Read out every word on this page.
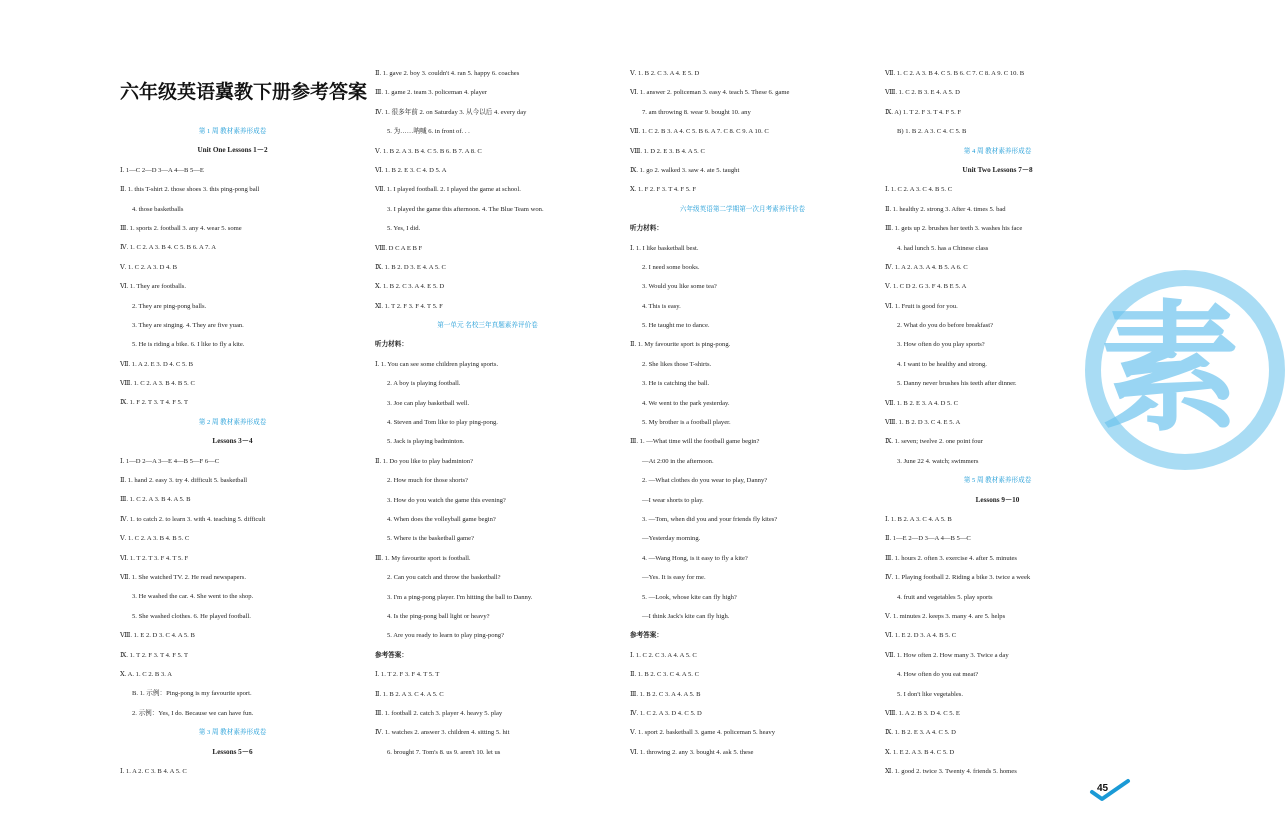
素
六年级英语冀教下册参考答案
第 1 周 教材素养形成卷
Unit One Lessons 1－2
Ⅰ. 1—C 2—D 3—A 4—B 5—E
Ⅱ. 1. this T-shirt 2. those shoes 3. this ping-pong ball
4. those basketballs
Ⅲ. 1. sports 2. football 3. any 4. wear 5. some
Ⅳ. 1. C 2. A 3. B 4. C 5. B 6. A 7. A
Ⅴ. 1. C 2. A 3. D 4. B
Ⅵ. 1. They are footballs.
2. They are ping-pong balls.
3. They are singing. 4. They are five yuan.
5. He is riding a bike. 6. I like to fly a kite.
Ⅶ. 1. A 2. E 3. D 4. C 5. B
Ⅷ. 1. C 2. A 3. B 4. B 5. C
Ⅸ. 1. F 2. T 3. T 4. F 5. T
第 2 周 教材素养形成卷
Lessons 3－4
Ⅰ. 1—D 2—A 3—E 4—B 5—F 6—C
Ⅱ. 1. hand 2. easy 3. try 4. difficult 5. basketball
Ⅲ. 1. C 2. A 3. B 4. A 5. B
Ⅳ. 1. to catch 2. to learn 3. with 4. teaching 5. difficult
Ⅴ. 1. C 2. A 3. B 4. B 5. C
Ⅵ. 1. T 2. T 3. F 4. T 5. F
Ⅶ. 1. She watched TV. 2. He read newspapers.
3. He washed the car. 4. She went to the shop.
5. She washed clothes. 6. He played football.
Ⅷ. 1. E 2. D 3. C 4. A 5. B
Ⅸ. 1. T 2. F 3. T 4. F 5. T
Ⅹ. A. 1. C 2. B 3. A
B. 1. 示例：Ping-pong is my favourite sport.
2. 示例：Yes, I do. Because we can have fun.
第 3 周 教材素养形成卷
Lessons 5－6
Ⅰ. 1. A 2. C 3. B 4. A 5. C
Ⅱ. 1. gave 2. boy 3. couldn't 4. ran 5. happy 6. coaches
Ⅲ. 1. game 2. team 3. policeman 4. player
Ⅳ. 1. 很多年前 2. on Saturday 3. 从今以后 4. every day
5. 为……呐喊 6. in front of. . .
Ⅴ. 1. B 2. A 3. B 4. C 5. B 6. B 7. A 8. C
Ⅵ. 1. B 2. E 3. C 4. D 5. A
Ⅶ. 1. I played football. 2. I played the game at school.
3. I played the game this afternoon. 4. The Blue Team won.
5. Yes, I did.
Ⅷ. D C A E B F
Ⅸ. 1. B 2. D 3. E 4. A 5. C
Ⅹ. 1. B 2. C 3. A 4. E 5. D
Ⅺ. 1. T 2. F 3. F 4. T 5. F
第一单元 名校三年真题素养评价卷
听力材料：
Ⅰ. 1. You can see some children playing sports.
2. A boy is playing football.
3. Joe can play basketball well.
4. Steven and Tom like to play ping-pong.
5. Jack is playing badminton.
Ⅱ. 1. Do you like to play badminton?
2. How much for those shorts?
3. How do you watch the game this evening?
4. When does the volleyball game begin?
5. Where is the basketball game?
Ⅲ. 1. My favourite sport is football.
2. Can you catch and throw the basketball?
3. I'm a ping-pong player. I'm hitting the ball to Danny.
4. Is the ping-pong ball light or heavy?
5. Are you ready to learn to play ping-pong?
参考答案：
Ⅰ. 1. T 2. F 3. F 4. T 5. T
Ⅱ. 1. B 2. A 3. C 4. A 5. C
Ⅲ. 1. football 2. catch 3. player 4. heavy 5. play
Ⅳ. 1. watches 2. answer 3. children 4. sitting 5. hit
6. brought 7. Tom's 8. us 9. aren't 10. let us
Ⅴ. 1. B 2. C 3. A 4. E 5. D
Ⅵ. 1. answer 2. policeman 3. easy 4. teach 5. These 6. game
7. am throwing 8. wear 9. bought 10. any
Ⅶ. 1. C 2. B 3. A 4. C 5. B 6. A 7. C 8. C 9. A 10. C
Ⅷ. 1. D 2. E 3. B 4. A 5. C
Ⅸ. 1. go 2. walked 3. saw 4. ate 5. taught
Ⅹ. 1. F 2. F 3. T 4. F 5. F
六年级英语第二学期第一次月考素养评价卷
听力材料：
Ⅰ. 1. I like basketball best.
2. I need some books.
3. Would you like some tea?
4. This is easy.
5. He taught me to dance.
Ⅱ. 1. My favourite sport is ping-pong.
2. She likes those T-shirts.
3. He is catching the ball.
4. We went to the park yesterday.
5. My brother is a football player.
Ⅲ. 1. —What time will the football game begin?
—At 2:00 in the afternoon.
2. —What clothes do you wear to play, Danny?
—I wear shorts to play.
3. —Tom, when did you and your friends fly kites?
—Yesterday morning.
4. —Wang Hong, is it easy to fly a kite?
—Yes. It is easy for me.
5. —Look, whose kite can fly high?
—I think Jack's kite can fly high.
参考答案：
Ⅰ. 1. C 2. C 3. A 4. A 5. C
Ⅱ. 1. B 2. C 3. C 4. A 5. C
Ⅲ. 1. B 2. C 3. A 4. A 5. B
Ⅳ. 1. C 2. A 3. D 4. C 5. D
Ⅴ. 1. sport 2. basketball 3. game 4. policeman 5. heavy
Ⅵ. 1. throwing 2. any 3. bought 4. ask 5. these
Ⅶ. 1. C 2. A 3. B 4. C 5. B 6. C 7. C 8. A 9. C 10. B
Ⅷ. 1. C 2. B 3. E 4. A 5. D
Ⅸ. A) 1. T 2. F 3. T 4. F 5. F
B) 1. B 2. A 3. C 4. C 5. B
第 4 周 教材素养形成卷
Unit Two Lessons 7－8
Ⅰ. 1. C 2. A 3. C 4. B 5. C
Ⅱ. 1. healthy 2. strong 3. After 4. times 5. bad
Ⅲ. 1. gets up 2. brushes her teeth 3. washes his face
4. had lunch 5. has a Chinese class
Ⅳ. 1. A 2. A 3. A 4. B 5. A 6. C
Ⅴ. 1. C D 2. G 3. F 4. B E 5. A
Ⅵ. 1. Fruit is good for you.
2. What do you do before breakfast?
3. How often do you play sports?
4. I want to be healthy and strong.
5. Danny never brushes his teeth after dinner.
Ⅶ. 1. B 2. E 3. A 4. D 5. C
Ⅷ. 1. B 2. D 3. C 4. E 5. A
Ⅸ. 1. seven; twelve 2. one point four
3. June 22 4. watch; swimmers
第 5 周 教材素养形成卷
Lessons 9－10
Ⅰ. 1. B 2. A 3. C 4. A 5. B
Ⅱ. 1—E 2—D 3—A 4—B 5—C
Ⅲ. 1. hours 2. often 3. exercise 4. after 5. minutes
Ⅳ. 1. Playing football 2. Riding a bike 3. twice a week
4. fruit and vegetables 5. play sports
Ⅴ. 1. minutes 2. keeps 3. many 4. are 5. helps
Ⅵ. 1. E 2. D 3. A 4. B 5. C
Ⅶ. 1. How often 2. How many 3. Twice a day
4. How often do you eat meat?
5. I don't like vegetables.
Ⅷ. 1. A 2. B 3. D 4. C 5. E
Ⅸ. 1. B 2. E 3. A 4. C 5. D
Ⅹ. 1. E 2. A 3. B 4. C 5. D
Ⅺ. 1. good 2. twice 3. Twenty 4. friends 5. homes
45
